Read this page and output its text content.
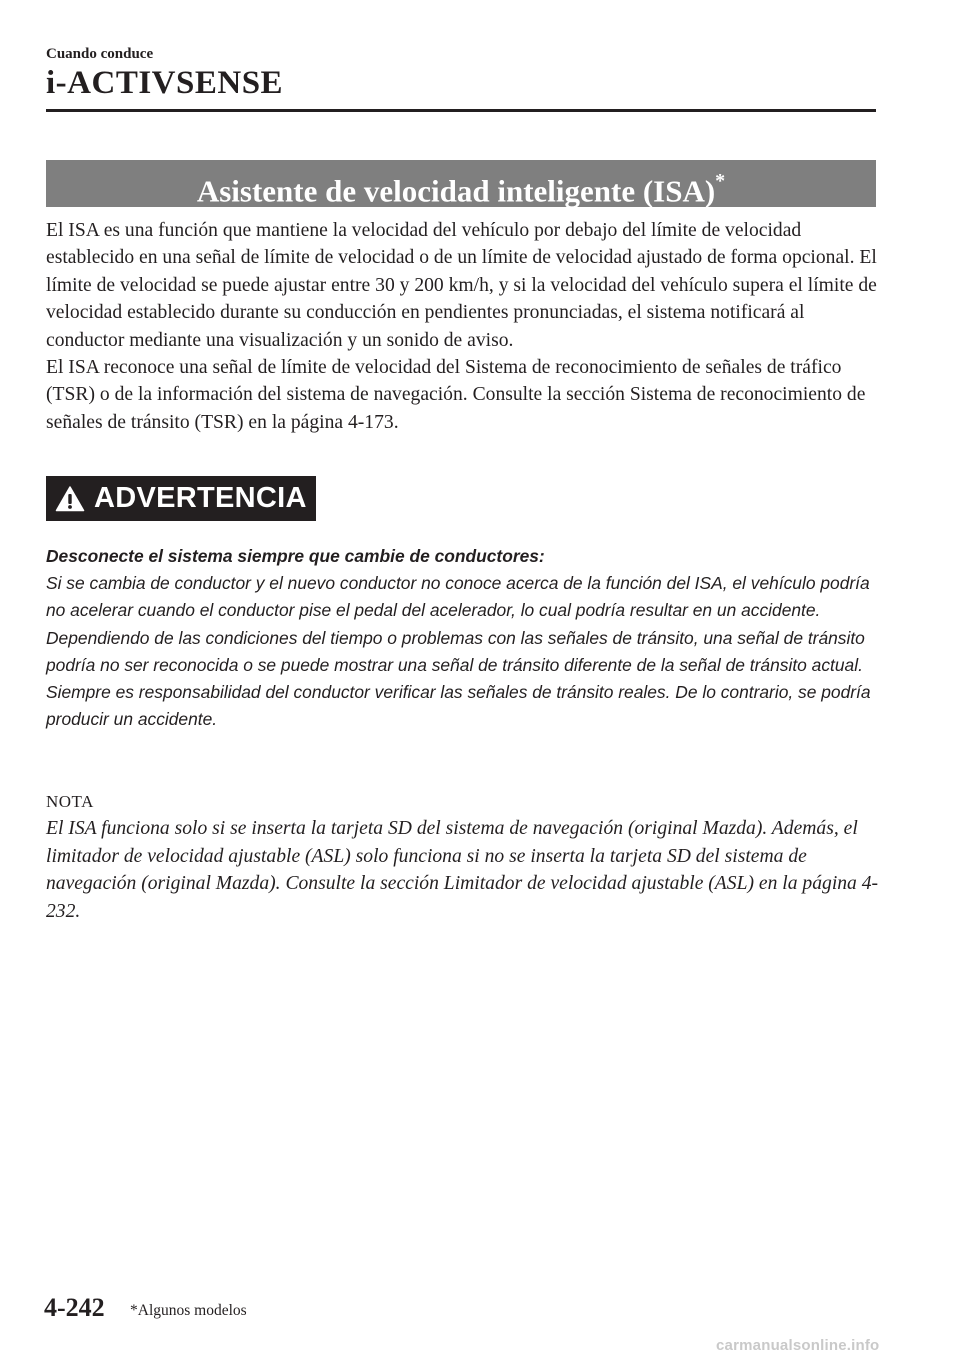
Cuando conduce
i-ACTIVSENSE
Asistente de velocidad inteligente (ISA)*

El ISA es una función que mantiene la velocidad del vehículo por debajo del límite de velocidad establecido en una señal de límite de velocidad o de un límite de velocidad ajustado de forma opcional. El límite de velocidad se puede ajustar entre 30 y 200 km/h, y si la velocidad del vehículo supera el límite de velocidad establecido durante su conducción en pendientes pronunciadas, el sistema notificará al conductor mediante una visualización y un sonido de aviso.

El ISA reconoce una señal de límite de velocidad del Sistema de reconocimiento de señales de tráfico (TSR) o de la información del sistema de navegación. Consulte la sección Sistema de reconocimiento de señales de tránsito (TSR) en la página 4-173.

ADVERTENCIA

Desconecte el sistema siempre que cambie de conductores:

Si se cambia de conductor y el nuevo conductor no conoce acerca de la función del ISA, el vehículo podría no acelerar cuando el conductor pise el pedal del acelerador, lo cual podría resultar en un accidente. Dependiendo de las condiciones del tiempo o problemas con las señales de tránsito, una señal de tránsito podría no ser reconocida o se puede mostrar una señal de tránsito diferente de la señal de tránsito actual. Siempre es responsabilidad del conductor verificar las señales de tránsito reales. De lo contrario, se podría producir un accidente.

NOTA

El ISA funciona solo si se inserta la tarjeta SD del sistema de navegación (original Mazda). Además, el limitador de velocidad ajustable (ASL) solo funciona si no se inserta la tarjeta SD del sistema de navegación (original Mazda). Consulte la sección Limitador de velocidad ajustable (ASL) en la página 4-232.

4-242 *Algunos modelos
carmanualsonline.info
